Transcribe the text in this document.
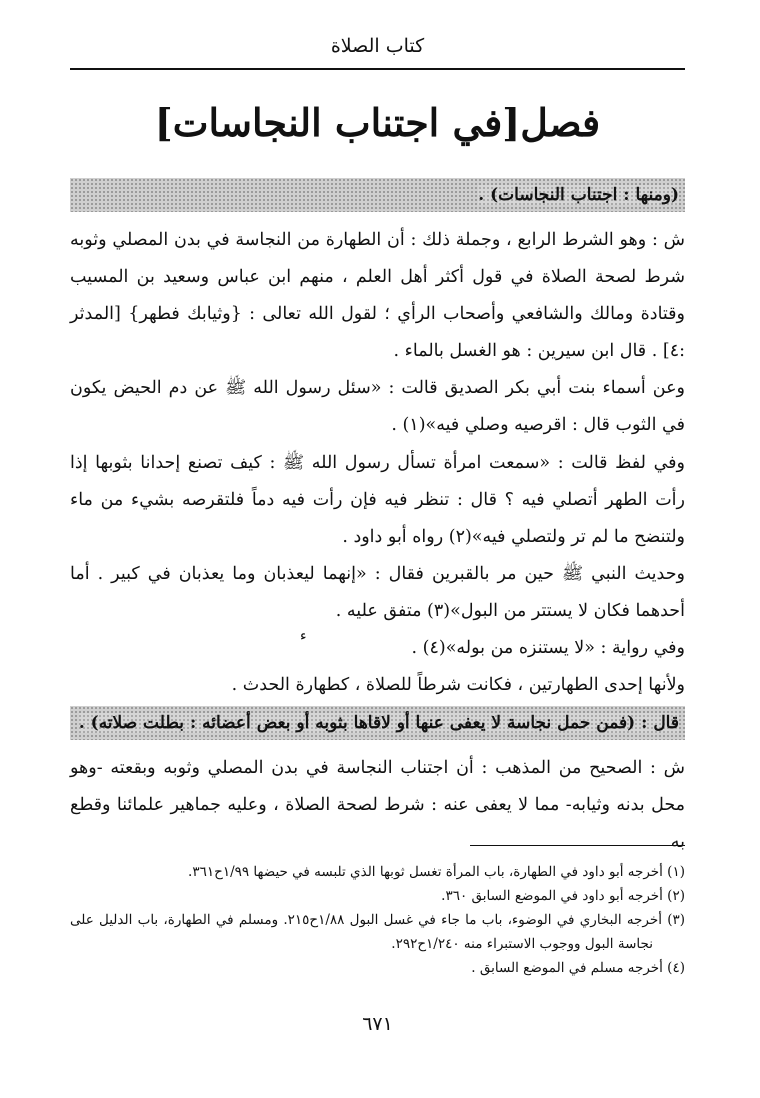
كتاب الصلاة
فصل[في اجتناب النجاسات]
(ومنها : اجتناب النجاسات) .
ش : وهو الشرط الرابع ، وجملة ذلك : أن الطهارة من النجاسة في بدن المصلي وثوبه شرط لصحة الصلاة في قول أكثر أهل العلم ، منهم ابن عباس وسعيد بن المسيب وقتادة ومالك والشافعي وأصحاب الرأي ؛ لقول الله تعالى : {وثيابك فطهر} [المدثر :٤] . قال ابن سيرين : هو الغسل بالماء .
وعن أسماء بنت أبي بكر الصديق قالت : «سئل رسول الله ﷺ عن دم الحيض يكون في الثوب قال : اقرصيه وصلي فيه»(١) .
وفي لفظ قالت : «سمعت امرأة تسأل رسول الله ﷺ : كيف تصنع إحدانا بثوبها إذا رأت الطهر أتصلي فيه ؟ قال : تنظر فيه فإن رأت فيه دماً فلتقرصه بشيء من ماء ولتنضح ما لم تر ولتصلي فيه»(٢) رواه أبو داود .
وحديث النبي ﷺ حين مر بالقبرين فقال : «إنهما ليعذبان وما يعذبان في كبير . أما أحدهما فكان لا يستتر من البول»(٣) متفق عليه .
وفي رواية : «لا يستنزه من بوله»(٤) .
ء
ولأنها إحدى الطهارتين ، فكانت شرطاً للصلاة ، كطهارة الحدث .
قال : (فمن حمل نجاسة لا يعفى عنها أو لاقاها بثوبه أو بعض أعضائه : بطلت صلاته) .
ش : الصحيح من المذهب : أن اجتناب النجاسة في بدن المصلي وثوبه وبقعته -وهو محل بدنه وثيابه- مما لا يعفى عنه : شرط لصحة الصلاة ، وعليه جماهير علمائنا وقطع به

(١) أخرجه أبو داود في الطهارة، باب المرأة تغسل ثوبها الذي تلبسه في حيضها ١/٩٩ح٣٦١.

(٢) أخرجه أبو داود في الموضع السابق ٣٦٠.

(٣) أخرجه البخاري في الوضوء، باب ما جاء في غسل البول ١/٨٨ح٢١٥. ومسلم في الطهارة، باب الدليل على نجاسة البول ووجوب الاستبراء منه ١/٢٤٠ح٢٩٢.

(٤) أخرجه مسلم في الموضع السابق .

٦٧١
